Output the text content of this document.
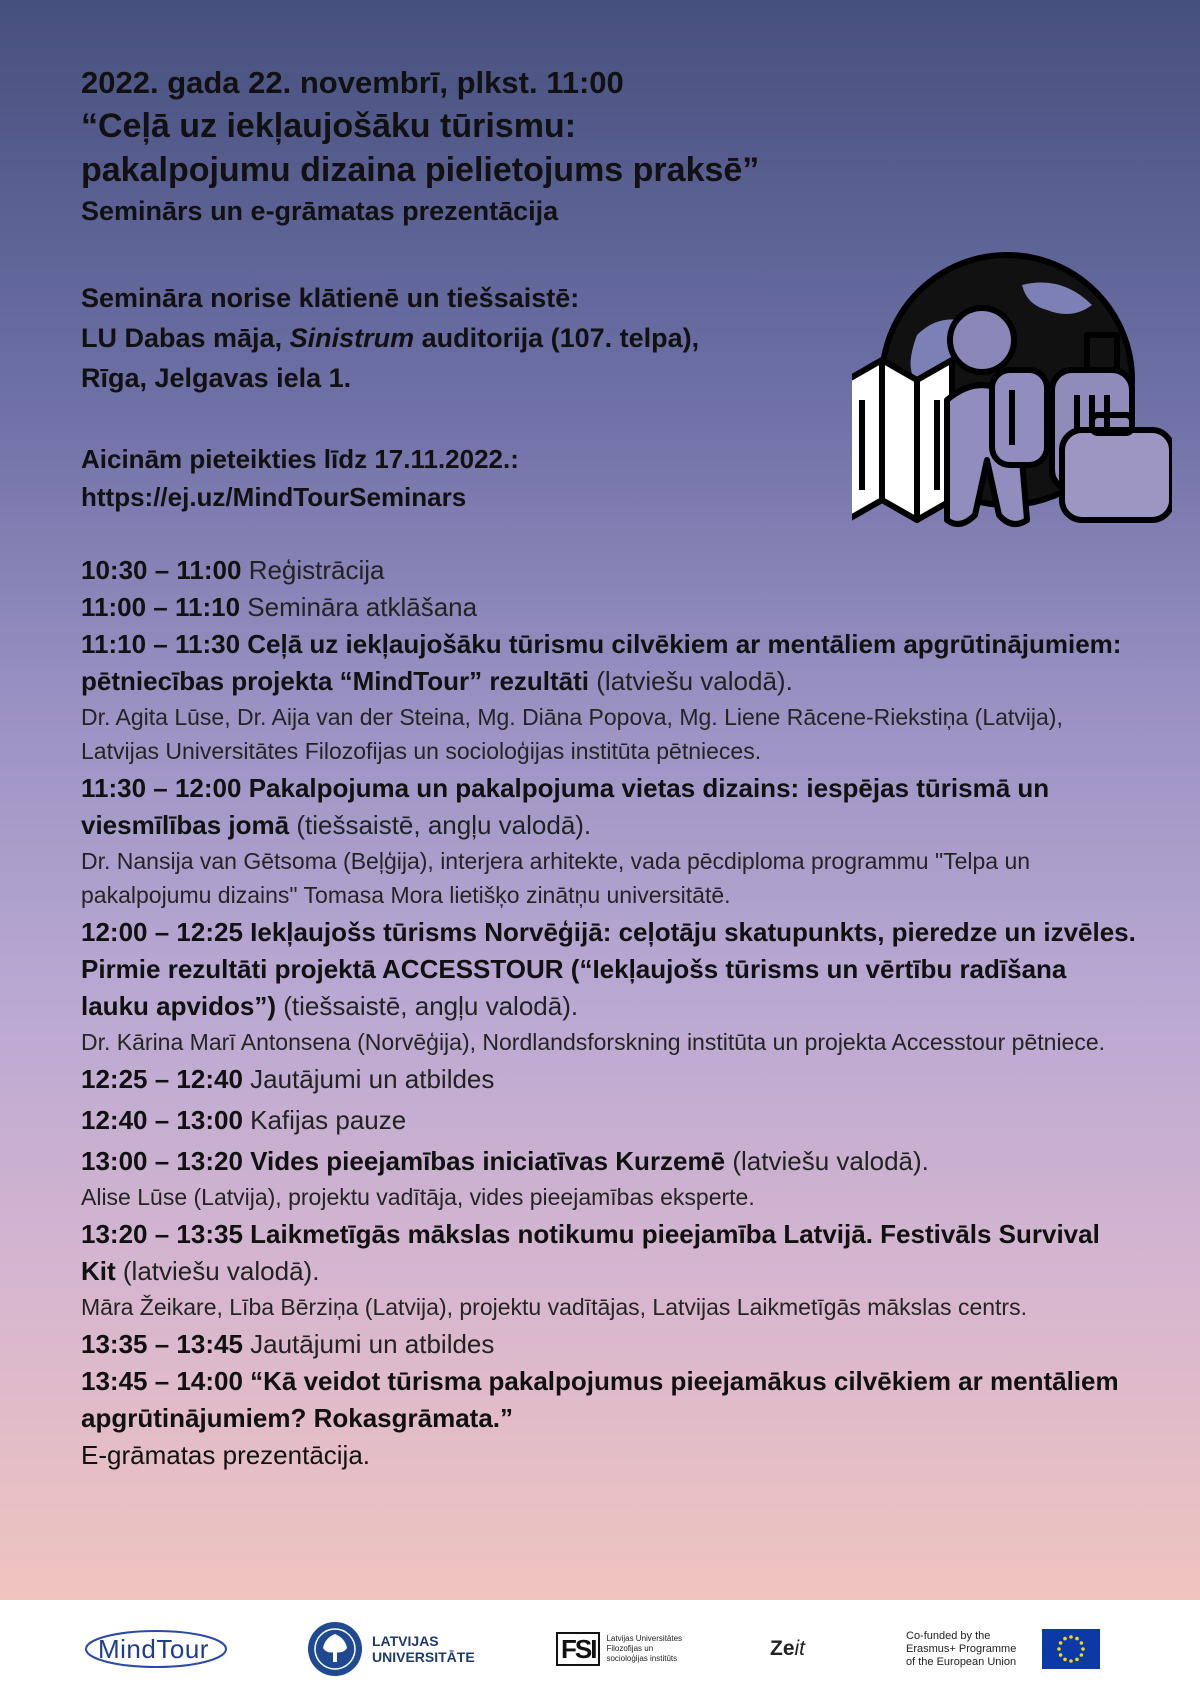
2022. gada 22. novembrī, plkst. 11:00
“Ceļā uz iekļaujošāku tūrismu:
pakalpojumu dizaina pielietojums praksē”
Seminārs un e-grāmatas prezentācija
Semināra norise klātienē un tiešsaistē:
LU Dabas māja, Sinistrum auditorija (107. telpa),
Rīga, Jelgavas iela 1.
Aicinām pieteikties līdz 17.11.2022.:
https://ej.uz/MindTourSeminars
10:30 – 11:00 Reģistrācija
11:00 – 11:10 Semināra atklāšana
11:10 – 11:30 Ceļā uz iekļaujošāku tūrismu cilvēkiem ar mentāliem apgrūtinājumiem: pētniecības projekta “MindTour” rezultāti (latviešu valodā).
Dr. Agita Lūse, Dr. Aija van der Steina, Mg. Diāna Popova, Mg. Liene Rācene-Riekstiņa (Latvija), Latvijas Universitātes Filozofijas un socioloģijas institūta pētnieces.
11:30 – 12:00 Pakalpojuma un pakalpojuma vietas dizains: iespējas tūrismā un viesmīlības jomā (tiešsaistē, angļu valodā).
Dr. Nansija van Gētsoma (Beļģija), interjera arhitekte, vada pēcdiploma programmu "Telpa un pakalpojumu dizains" Tomasa Mora lietišķo zinātņu universitātē.
12:00 – 12:25 Iekļaujošs tūrisms Norvēģijā: ceļotāju skatupunkts, pieredze un izvēles. Pirmie rezultāti projektā ACCESSTOUR (“Iekļaujošs tūrisms un vērtību radīšana lauku apvidos”) (tiešsaistē, angļu valodā).
Dr. Kārina Marī Antonsena (Norvēģija), Nordlandsforskning institūta un projekta Accesstour pētniece.
12:25 – 12:40 Jautājumi un atbildes
12:40 – 13:00 Kafijas pauze
13:00 – 13:20 Vides pieejamības iniciatīvas Kurzemē (latviešu valodā).
Alise Lūse (Latvija), projektu vadītāja, vides pieejamības eksperte.
13:20 – 13:35 Laikmetīgās mākslas notikumu pieejamība Latvijā. Festivāls Survival Kit (latviešu valodā).
Māra Žeikare, Lība Bērziņa (Latvija), projektu vadītājas, Latvijas Laikmetīgās mākslas centrs.
13:35 – 13:45 Jautājumi un atbildes
13:45 – 14:00 “Kā veidot tūrisma pakalpojumus pieejamākus cilvēkiem ar mentāliem apgrūtinājumiem? Rokasgrāmata.”
E-grāmatas prezentācija.
MindTour	LATVIJAS
UNIVERSITĀTE	FSI	Latvijas Universitātes
Filozofijas un
socioloģijas institūts	Zeit
Co-funded by the
Erasmus+ Programme
of the European Union
